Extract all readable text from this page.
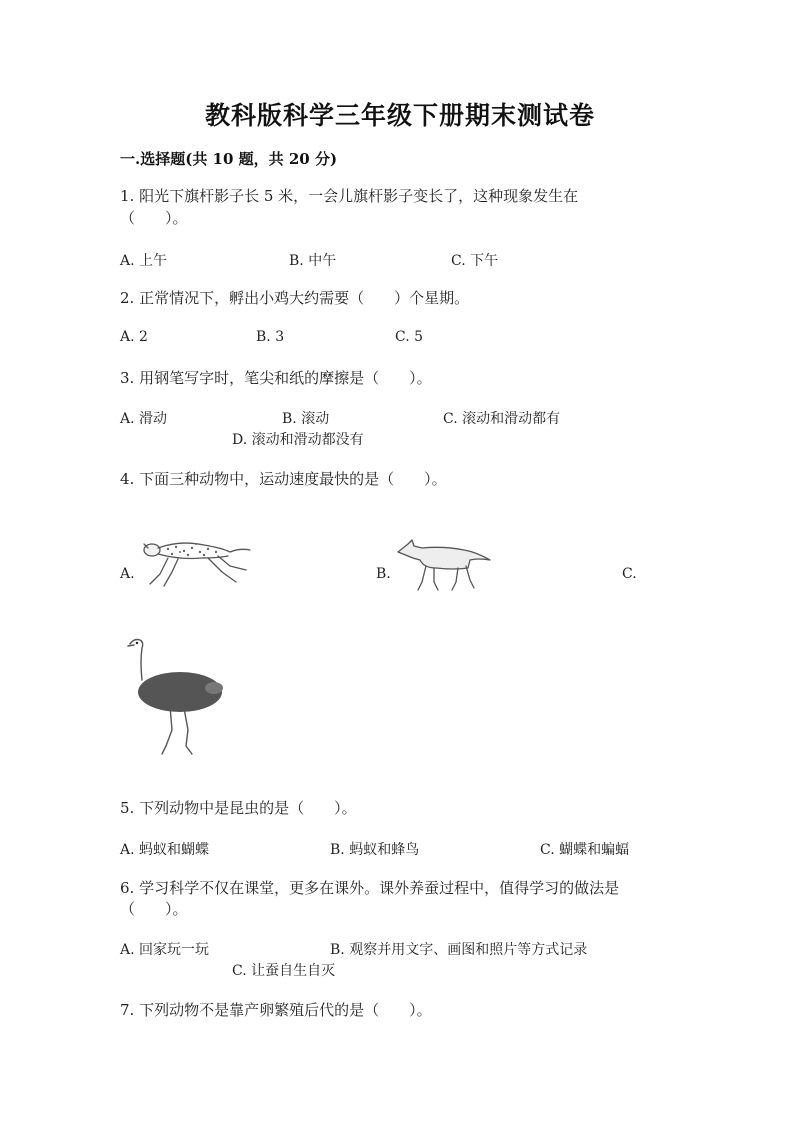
教科版科学三年级下册期末测试卷
一.选择题(共 10 题，共 20 分)
1. 阳光下旗杆影子长 5 米，一会儿旗杆影子变长了，这种现象发生在
（　　）。
A. 上午	B. 中午	C. 下午
2. 正常情况下，孵出小鸡大约需要（　　）个星期。
A. 2	B. 3	C. 5
3. 用钢笔写字时，笔尖和纸的摩擦是（　　）。
A. 滑动	B. 滚动	C. 滚动和滑动都有
D. 滚动和滑动都没有
4. 下面三种动物中，运动速度最快的是（　　）。
A.	B.	C.
5. 下列动物中是昆虫的是（　　）。
A. 蚂蚁和蝴蝶	B. 蚂蚁和蜂鸟	C. 蝴蝶和蝙蝠
6. 学习科学不仅在课堂，更多在课外。课外养蚕过程中，值得学习的做法是
（　　）。
A. 回家玩一玩	B. 观察并用文字、画图和照片等方式记录
C. 让蚕自生自灭
7. 下列动物不是靠产卵繁殖后代的是（　　）。
